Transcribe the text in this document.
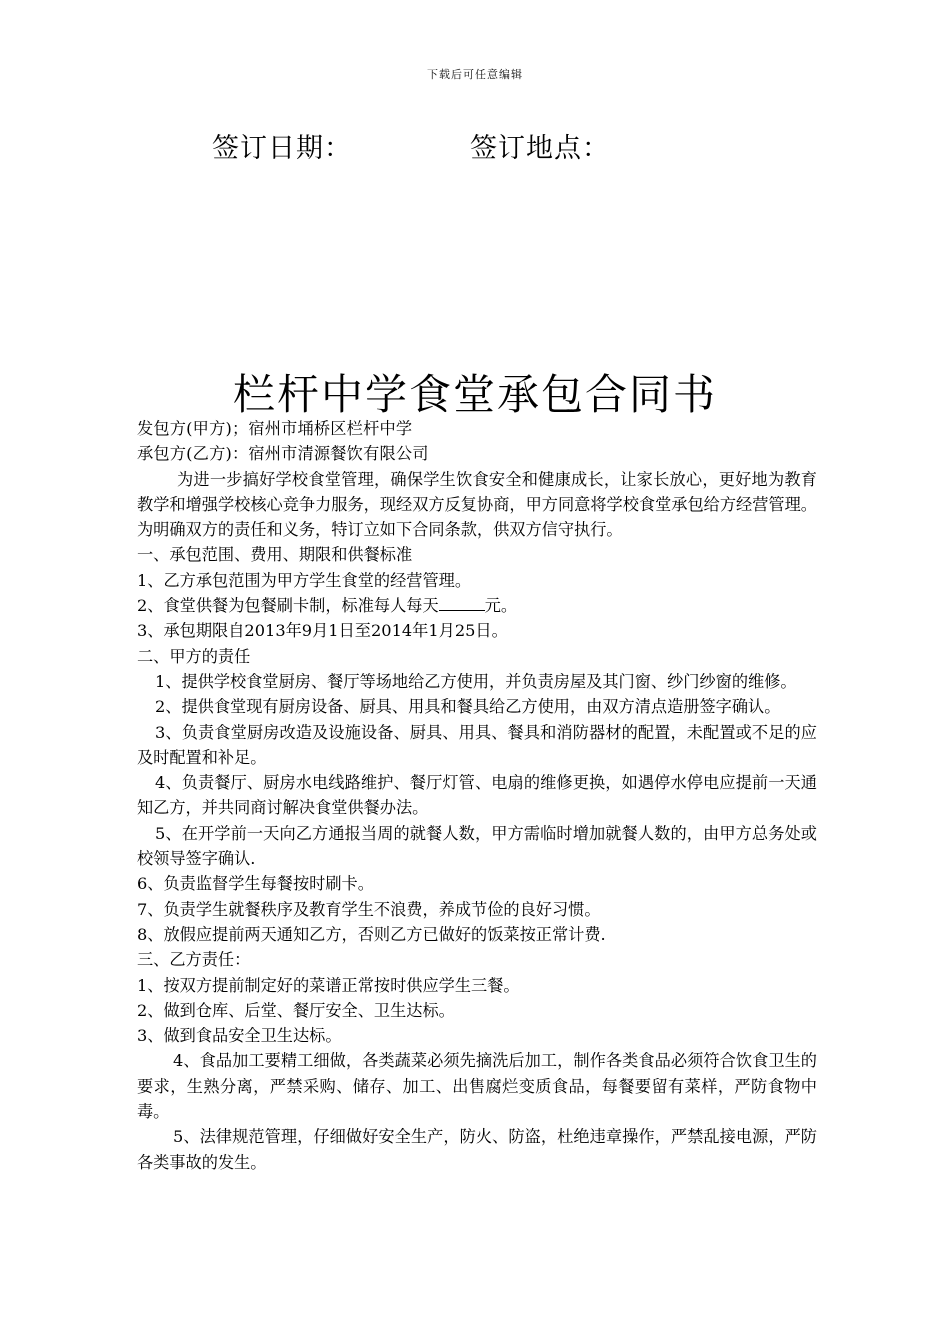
下载后可任意编辑
签订日期：	签订地点：
栏杆中学食堂承包合同书

发包方(甲方)；宿州市埇桥区栏杆中学

承包方(乙方)：宿州市清源餐饮有限公司

为进一步搞好学校食堂管理，确保学生饮食安全和健康成长，让家长放心，更好地为教育教学和增强学校核心竞争力服务，现经双方反复协商，甲方同意将学校食堂承包给方经营管理。为明确双方的责任和义务，特订立如下合同条款，供双方信守执行。

一、承包范围、费用、期限和供餐标准

1、乙方承包范围为甲方学生食堂的经营管理。

2、食堂供餐为包餐刷卡制，标准每人每天	元。

3、承包期限自2013年9月1日至2014年1月25日。

二、甲方的责任

1、提供学校食堂厨房、餐厅等场地给乙方使用，并负责房屋及其门窗、纱门纱窗的维修。

2、提供食堂现有厨房设备、厨具、用具和餐具给乙方使用，由双方清点造册签字确认。

3、负责食堂厨房改造及设施设备、厨具、用具、餐具和消防器材的配置，未配置或不足的应及时配置和补足。

4、负责餐厅、厨房水电线路维护、餐厅灯管、电扇的维修更换，如遇停水停电应提前一天通知乙方，并共同商讨解决食堂供餐办法。

5、在开学前一天向乙方通报当周的就餐人数，甲方需临时增加就餐人数的，由甲方总务处或校领导签字确认.

6、负责监督学生每餐按时刷卡。

7、负责学生就餐秩序及教育学生不浪费，养成节俭的良好习惯。

8、放假应提前两天通知乙方，否则乙方已做好的饭菜按正常计费.

三、乙方责任：

1、按双方提前制定好的菜谱正常按时供应学生三餐。

2、做到仓库、后堂、餐厅安全、卫生达标。

3、做到食品安全卫生达标。

4、食品加工要精工细做，各类蔬菜必须先摘洗后加工，制作各类食品必须符合饮食卫生的要求，生熟分离，严禁采购、储存、加工、出售腐烂变质食品，每餐要留有菜样，严防食物中毒。

5、法律规范管理，仔细做好安全生产，防火、防盗，杜绝违章操作，严禁乱接电源，严防各类事故的发生。
